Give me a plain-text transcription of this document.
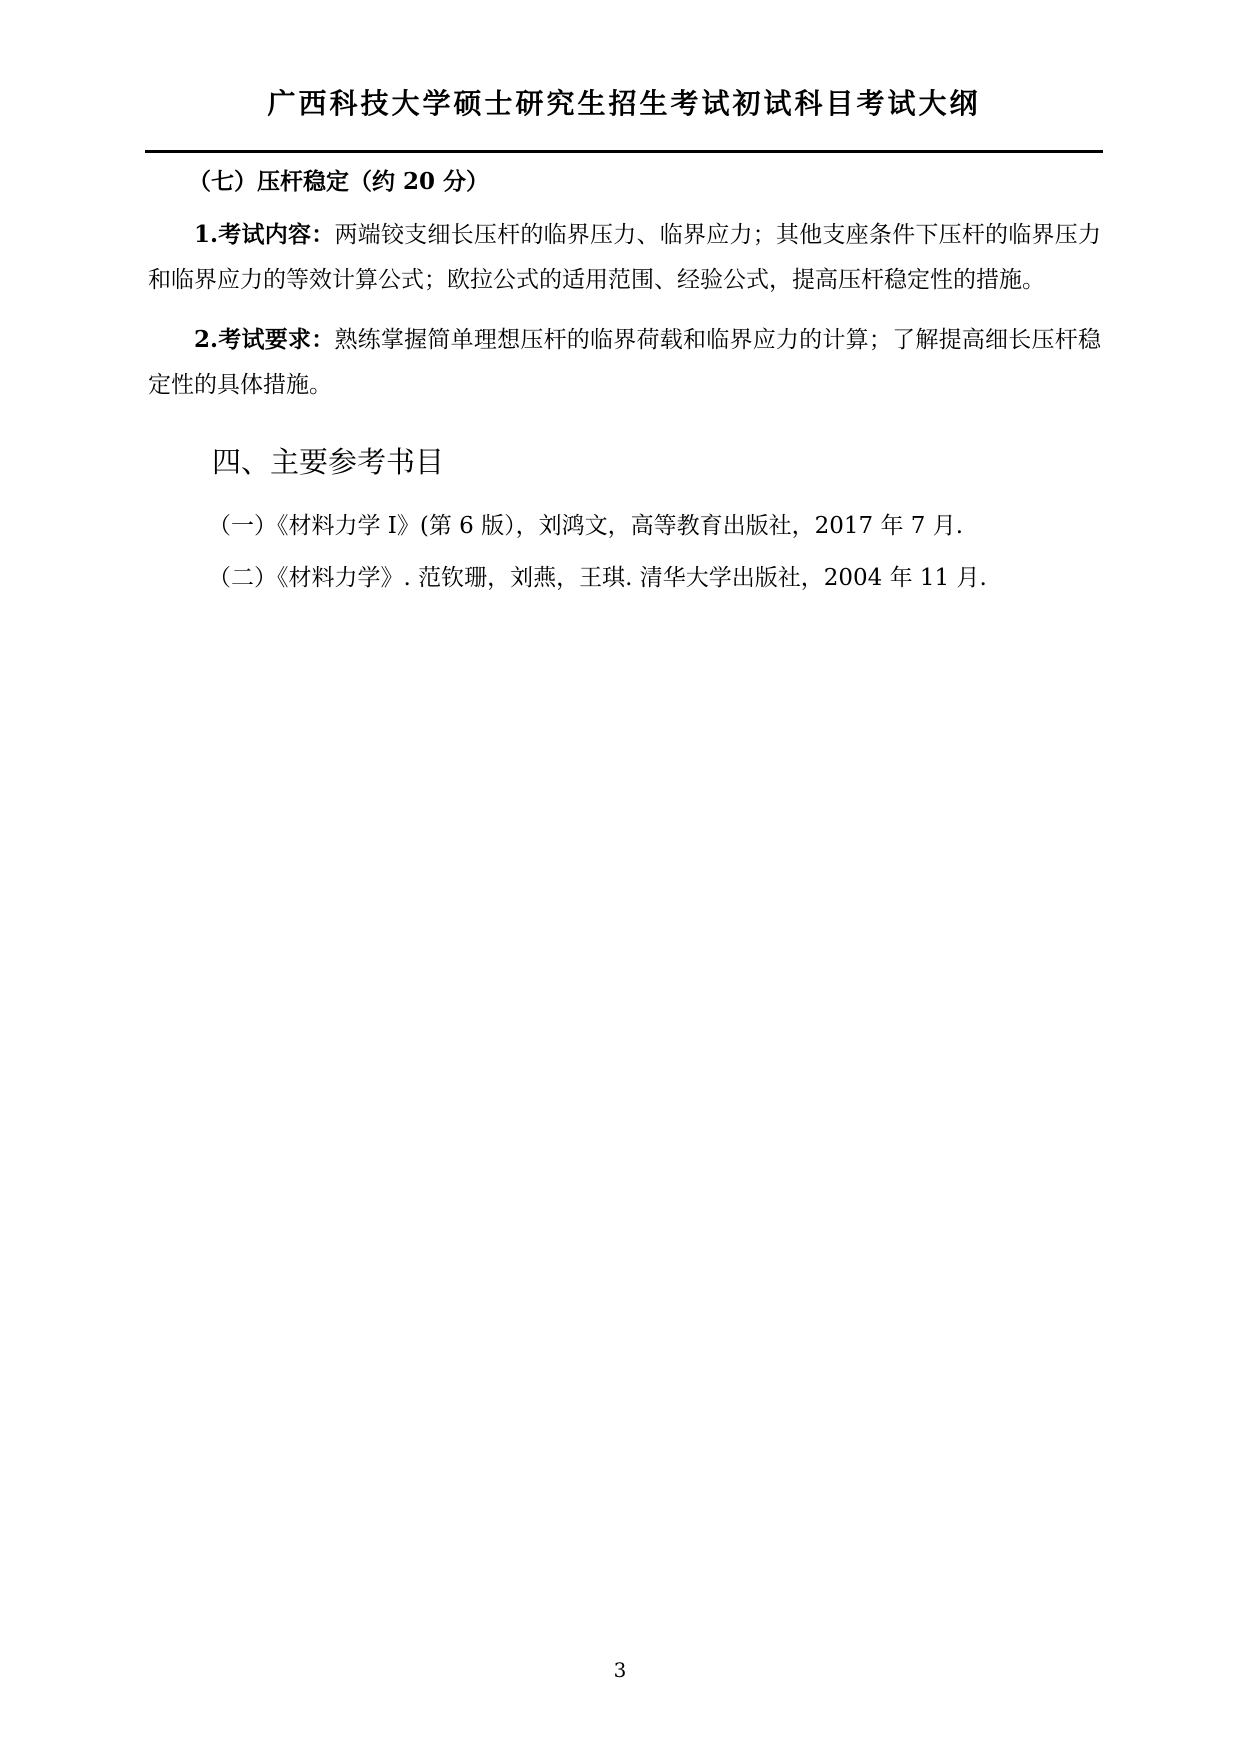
广西科技大学硕士研究生招生考试初试科目考试大纲
（七）压杆稳定（约 20 分）

1.考试内容：两端铰支细长压杆的临界压力、临界应力；其他支座条件下压杆的临界压力和临界应力的等效计算公式；欧拉公式的适用范围、经验公式，提高压杆稳定性的措施。

2.考试要求：熟练掌握简单理想压杆的临界荷载和临界应力的计算；了解提高细长压杆稳定性的具体措施。

四、主要参考书目
（一）《材料力学 I》(第 6 版），刘鸿文，高等教育出版社，2017 年 7 月.
（二）《材料力学》. 范钦珊，刘燕，王琪. 清华大学出版社，2004 年 11 月.
3
